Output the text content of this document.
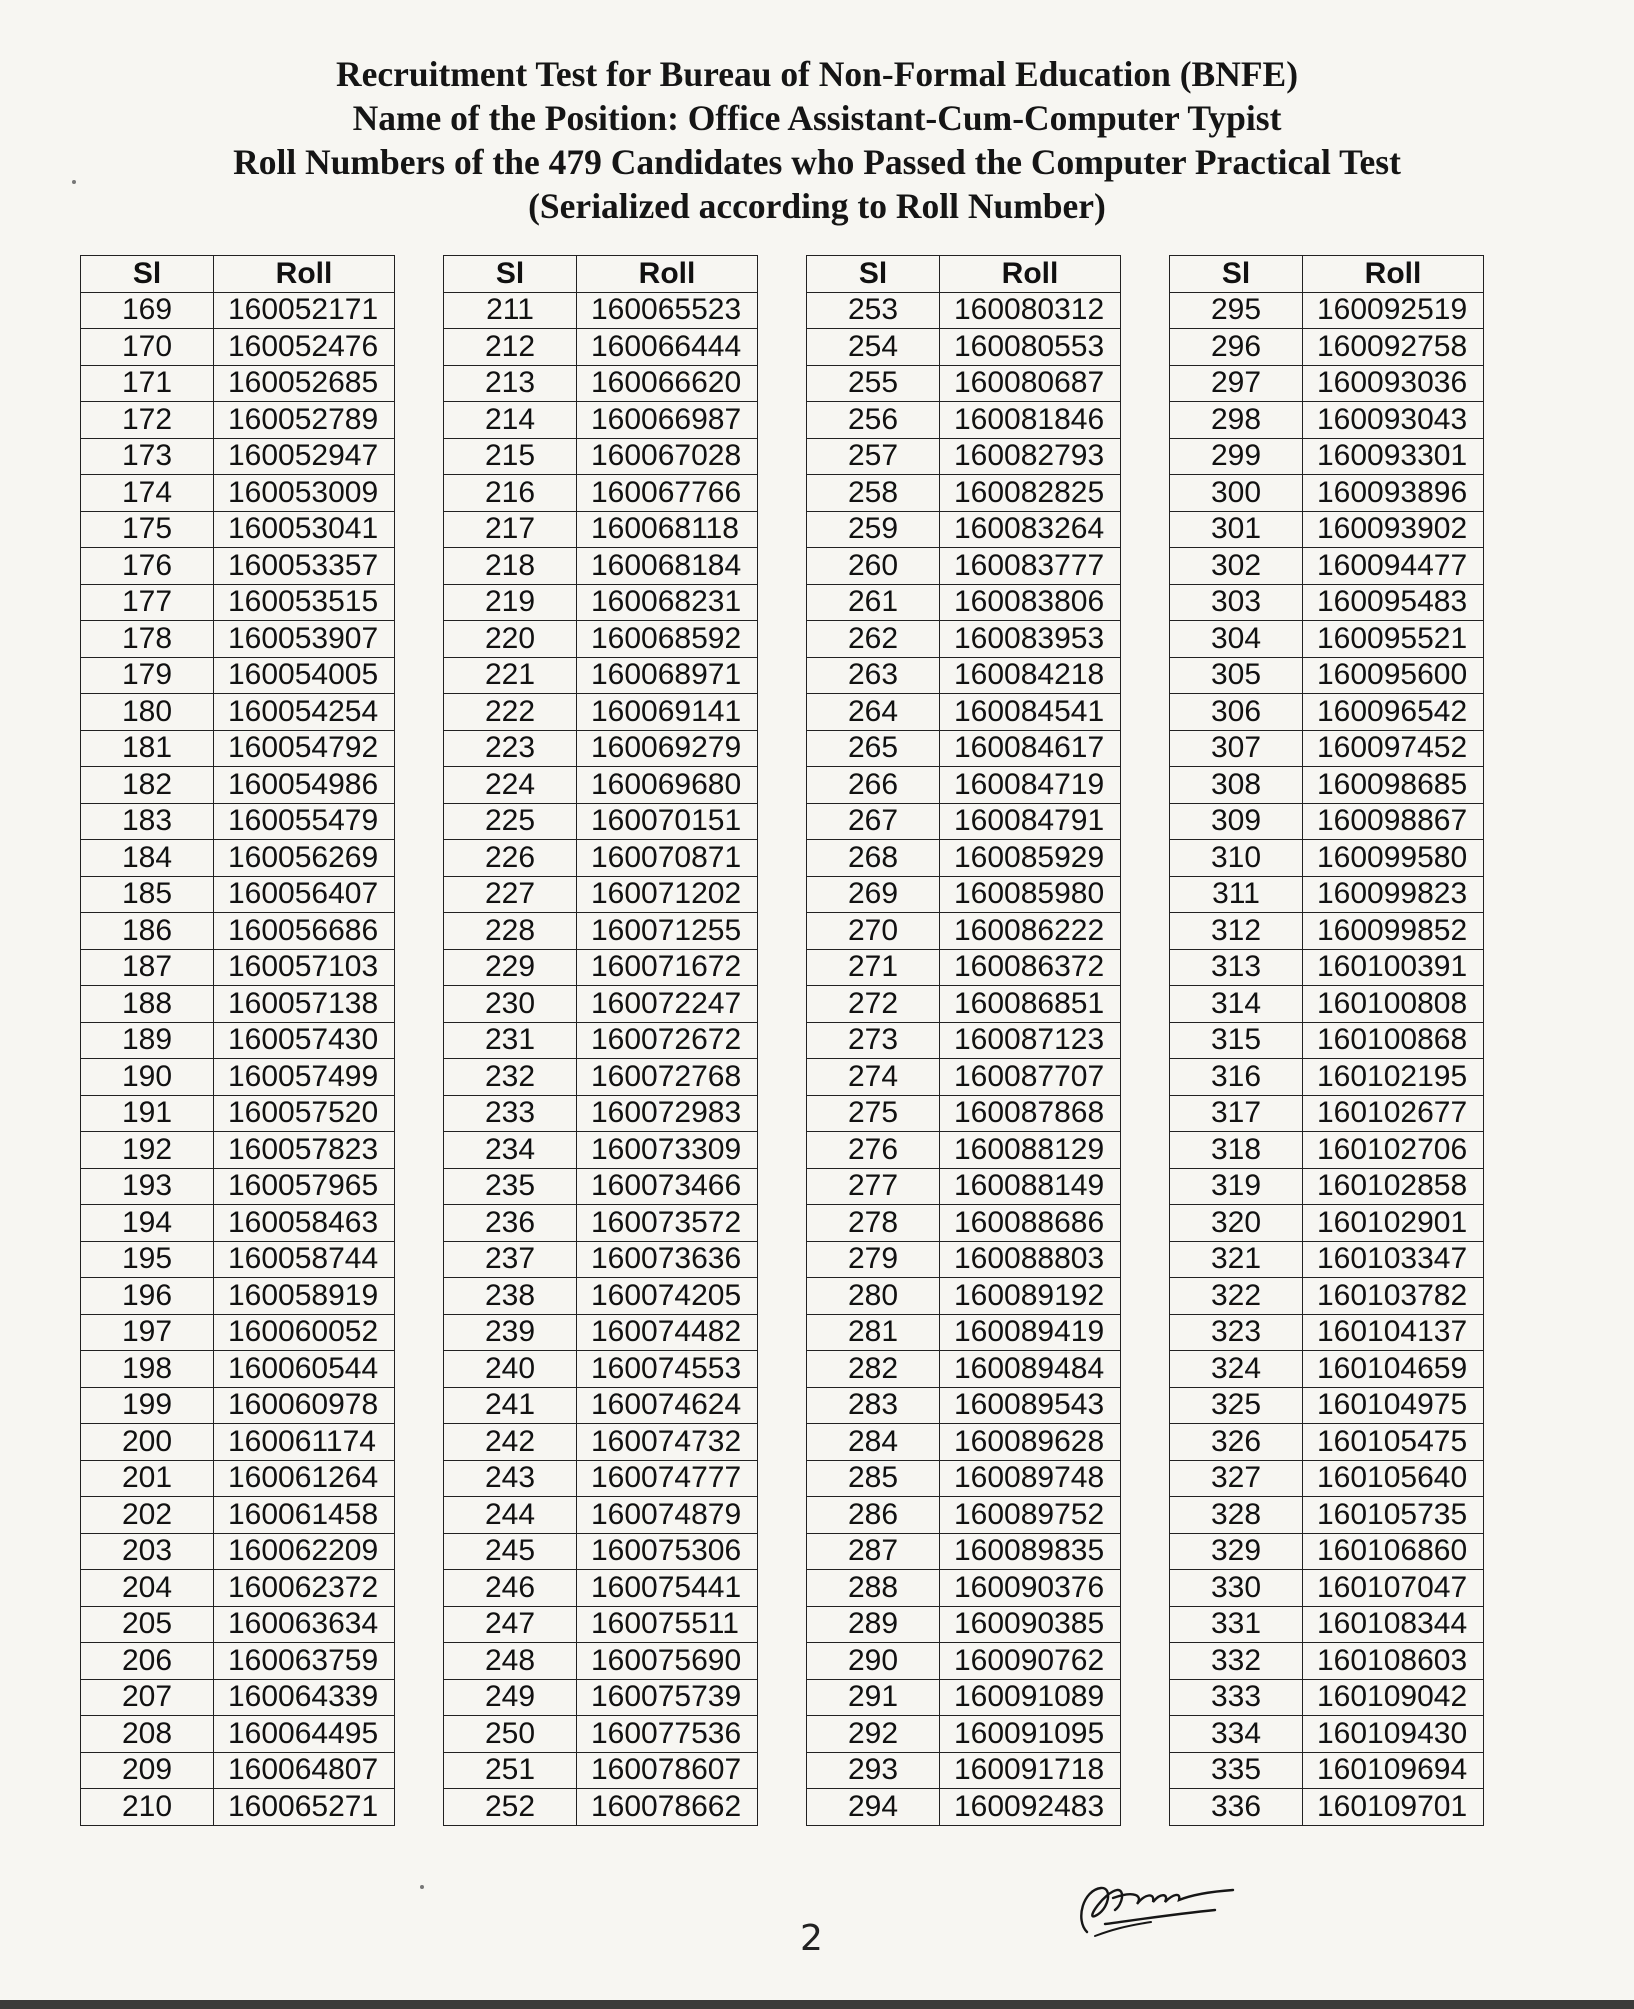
Recruitment Test for Bureau of Non-Formal Education (BNFE)
Name of the Position: Office Assistant-Cum-Computer Typist
Roll Numbers of the 479 Candidates who Passed the Computer Practical Test
(Serialized according to Roll Number)
Sl	Roll
169	160052171
170	160052476
171	160052685
172	160052789
173	160052947
174	160053009
175	160053041
176	160053357
177	160053515
178	160053907
179	160054005
180	160054254
181	160054792
182	160054986
183	160055479
184	160056269
185	160056407
186	160056686
187	160057103
188	160057138
189	160057430
190	160057499
191	160057520
192	160057823
193	160057965
194	160058463
195	160058744
196	160058919
197	160060052
198	160060544
199	160060978
200	160061174
201	160061264
202	160061458
203	160062209
204	160062372
205	160063634
206	160063759
207	160064339
208	160064495
209	160064807
210	160065271
Sl	Roll
211	160065523
212	160066444
213	160066620
214	160066987
215	160067028
216	160067766
217	160068118
218	160068184
219	160068231
220	160068592
221	160068971
222	160069141
223	160069279
224	160069680
225	160070151
226	160070871
227	160071202
228	160071255
229	160071672
230	160072247
231	160072672
232	160072768
233	160072983
234	160073309
235	160073466
236	160073572
237	160073636
238	160074205
239	160074482
240	160074553
241	160074624
242	160074732
243	160074777
244	160074879
245	160075306
246	160075441
247	160075511
248	160075690
249	160075739
250	160077536
251	160078607
252	160078662
Sl	Roll
253	160080312
254	160080553
255	160080687
256	160081846
257	160082793
258	160082825
259	160083264
260	160083777
261	160083806
262	160083953
263	160084218
264	160084541
265	160084617
266	160084719
267	160084791
268	160085929
269	160085980
270	160086222
271	160086372
272	160086851
273	160087123
274	160087707
275	160087868
276	160088129
277	160088149
278	160088686
279	160088803
280	160089192
281	160089419
282	160089484
283	160089543
284	160089628
285	160089748
286	160089752
287	160089835
288	160090376
289	160090385
290	160090762
291	160091089
292	160091095
293	160091718
294	160092483
Sl	Roll
295	160092519
296	160092758
297	160093036
298	160093043
299	160093301
300	160093896
301	160093902
302	160094477
303	160095483
304	160095521
305	160095600
306	160096542
307	160097452
308	160098685
309	160098867
310	160099580
311	160099823
312	160099852
313	160100391
314	160100808
315	160100868
316	160102195
317	160102677
318	160102706
319	160102858
320	160102901
321	160103347
322	160103782
323	160104137
324	160104659
325	160104975
326	160105475
327	160105640
328	160105735
329	160106860
330	160107047
331	160108344
332	160108603
333	160109042
334	160109430
335	160109694
336	160109701
2
